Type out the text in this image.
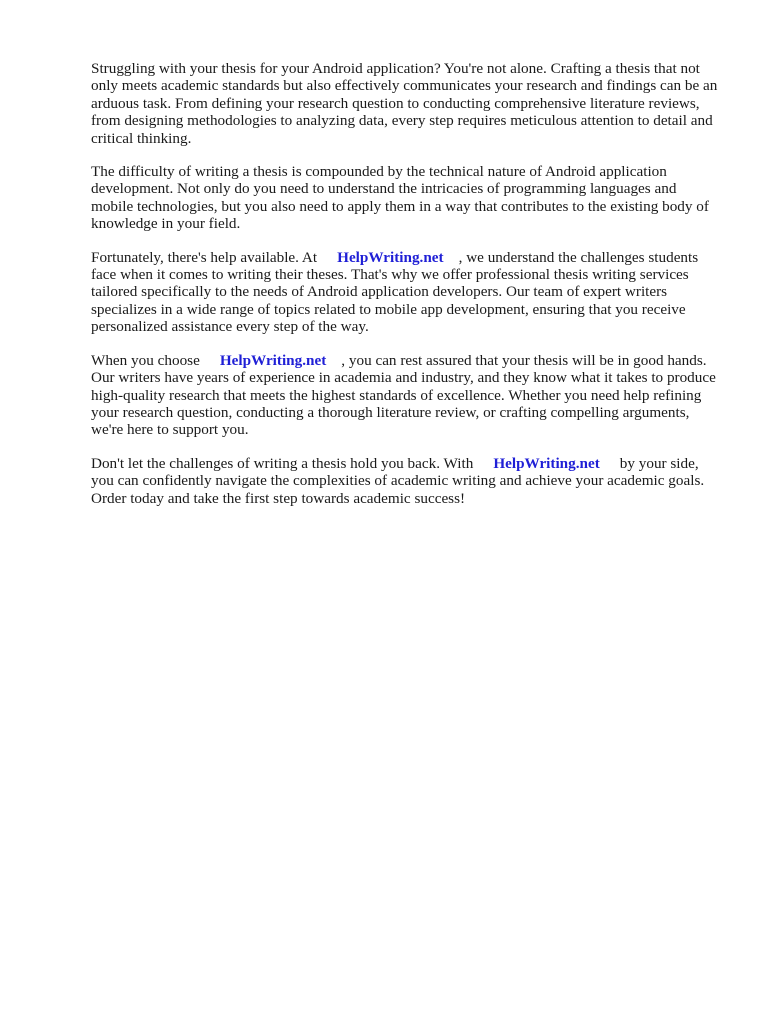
Struggling with your thesis for your Android application? You're not alone. Crafting a thesis that not only meets academic standards but also effectively communicates your research and findings can be an arduous task. From defining your research question to conducting comprehensive literature reviews, from designing methodologies to analyzing data, every step requires meticulous attention to detail and critical thinking.

The difficulty of writing a thesis is compounded by the technical nature of Android application development. Not only do you need to understand the intricacies of programming languages and mobile technologies, but you also need to apply them in a way that contributes to the existing body of knowledge in your field.

Fortunately, there's help available. At HelpWriting.net , we understand the challenges students face when it comes to writing their theses. That's why we offer professional thesis writing services tailored specifically to the needs of Android application developers. Our team of expert writers specializes in a wide range of topics related to mobile app development, ensuring that you receive personalized assistance every step of the way.

When you choose HelpWriting.net , you can rest assured that your thesis will be in good hands. Our writers have years of experience in academia and industry, and they know what it takes to produce high-quality research that meets the highest standards of excellence. Whether you need help refining your research question, conducting a thorough literature review, or crafting compelling arguments, we're here to support you.

Don't let the challenges of writing a thesis hold you back. With HelpWriting.net by your side, you can confidently navigate the complexities of academic writing and achieve your academic goals. Order today and take the first step towards academic success!
